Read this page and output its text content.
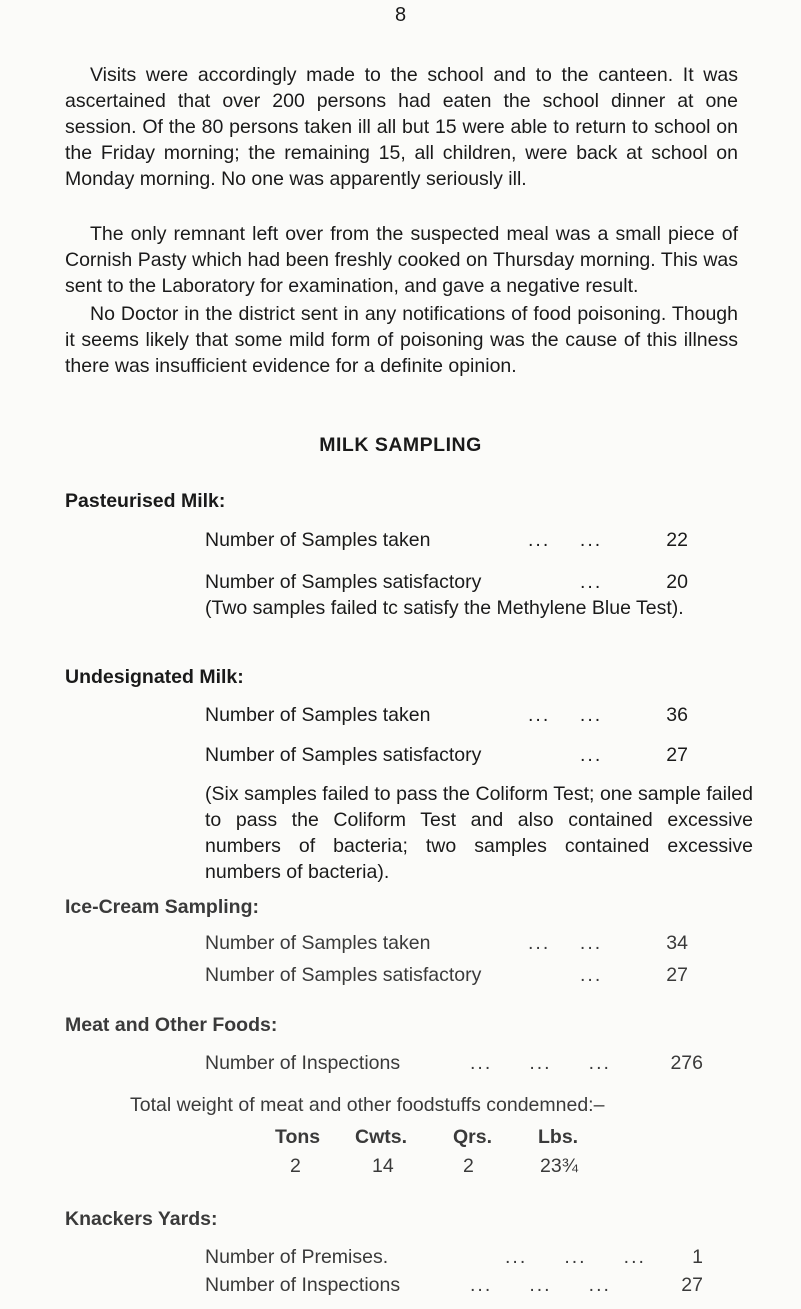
8

Visits were accordingly made to the school and to the canteen. It was ascertained that over 200 persons had eaten the school dinner at one session. Of the 80 persons taken ill all but 15 were able to return to school on the Friday morning; the remaining 15, all children, were back at school on Monday morning. No one was apparently seriously ill.

The only remnant left over from the suspected meal was a small piece of Cornish Pasty which had been freshly cooked on Thursday morning. This was sent to the Laboratory for examination, and gave a negative result.

No Doctor in the district sent in any notifications of food poisoning. Though it seems likely that some mild form of poisoning was the cause of this illness there was insufficient evidence for a definite opinion.

MILK SAMPLING
Pasteurised Milk:
Number of Samples taken	...    ...	22
Number of Samples satisfactory	...	20

(Two samples failed tc satisfy the Methylene Blue Test).

Undesignated Milk:
Number of Samples taken	...    ...	36
Number of Samples satisfactory	...	27

(Six samples failed to pass the Coliform Test; one sample failed to pass the Coliform Test and also contained excessive numbers of bacteria; two samples contained excessive numbers of bacteria).

Ice-Cream Sampling:
Number of Samples taken	...    ...	34
Number of Samples satisfactory	...	27
Meat and Other Foods:
Number of Inspections	...     ...     ...	276
Total weight of meat and other foodstuffs condemned:–
Tons Cwts. Qrs. Lbs.
2	14	2	23¾
Knackers Yards:
Number of Premises.	...     ...     ...	1
Number of Inspections	...     ...     ...	27
